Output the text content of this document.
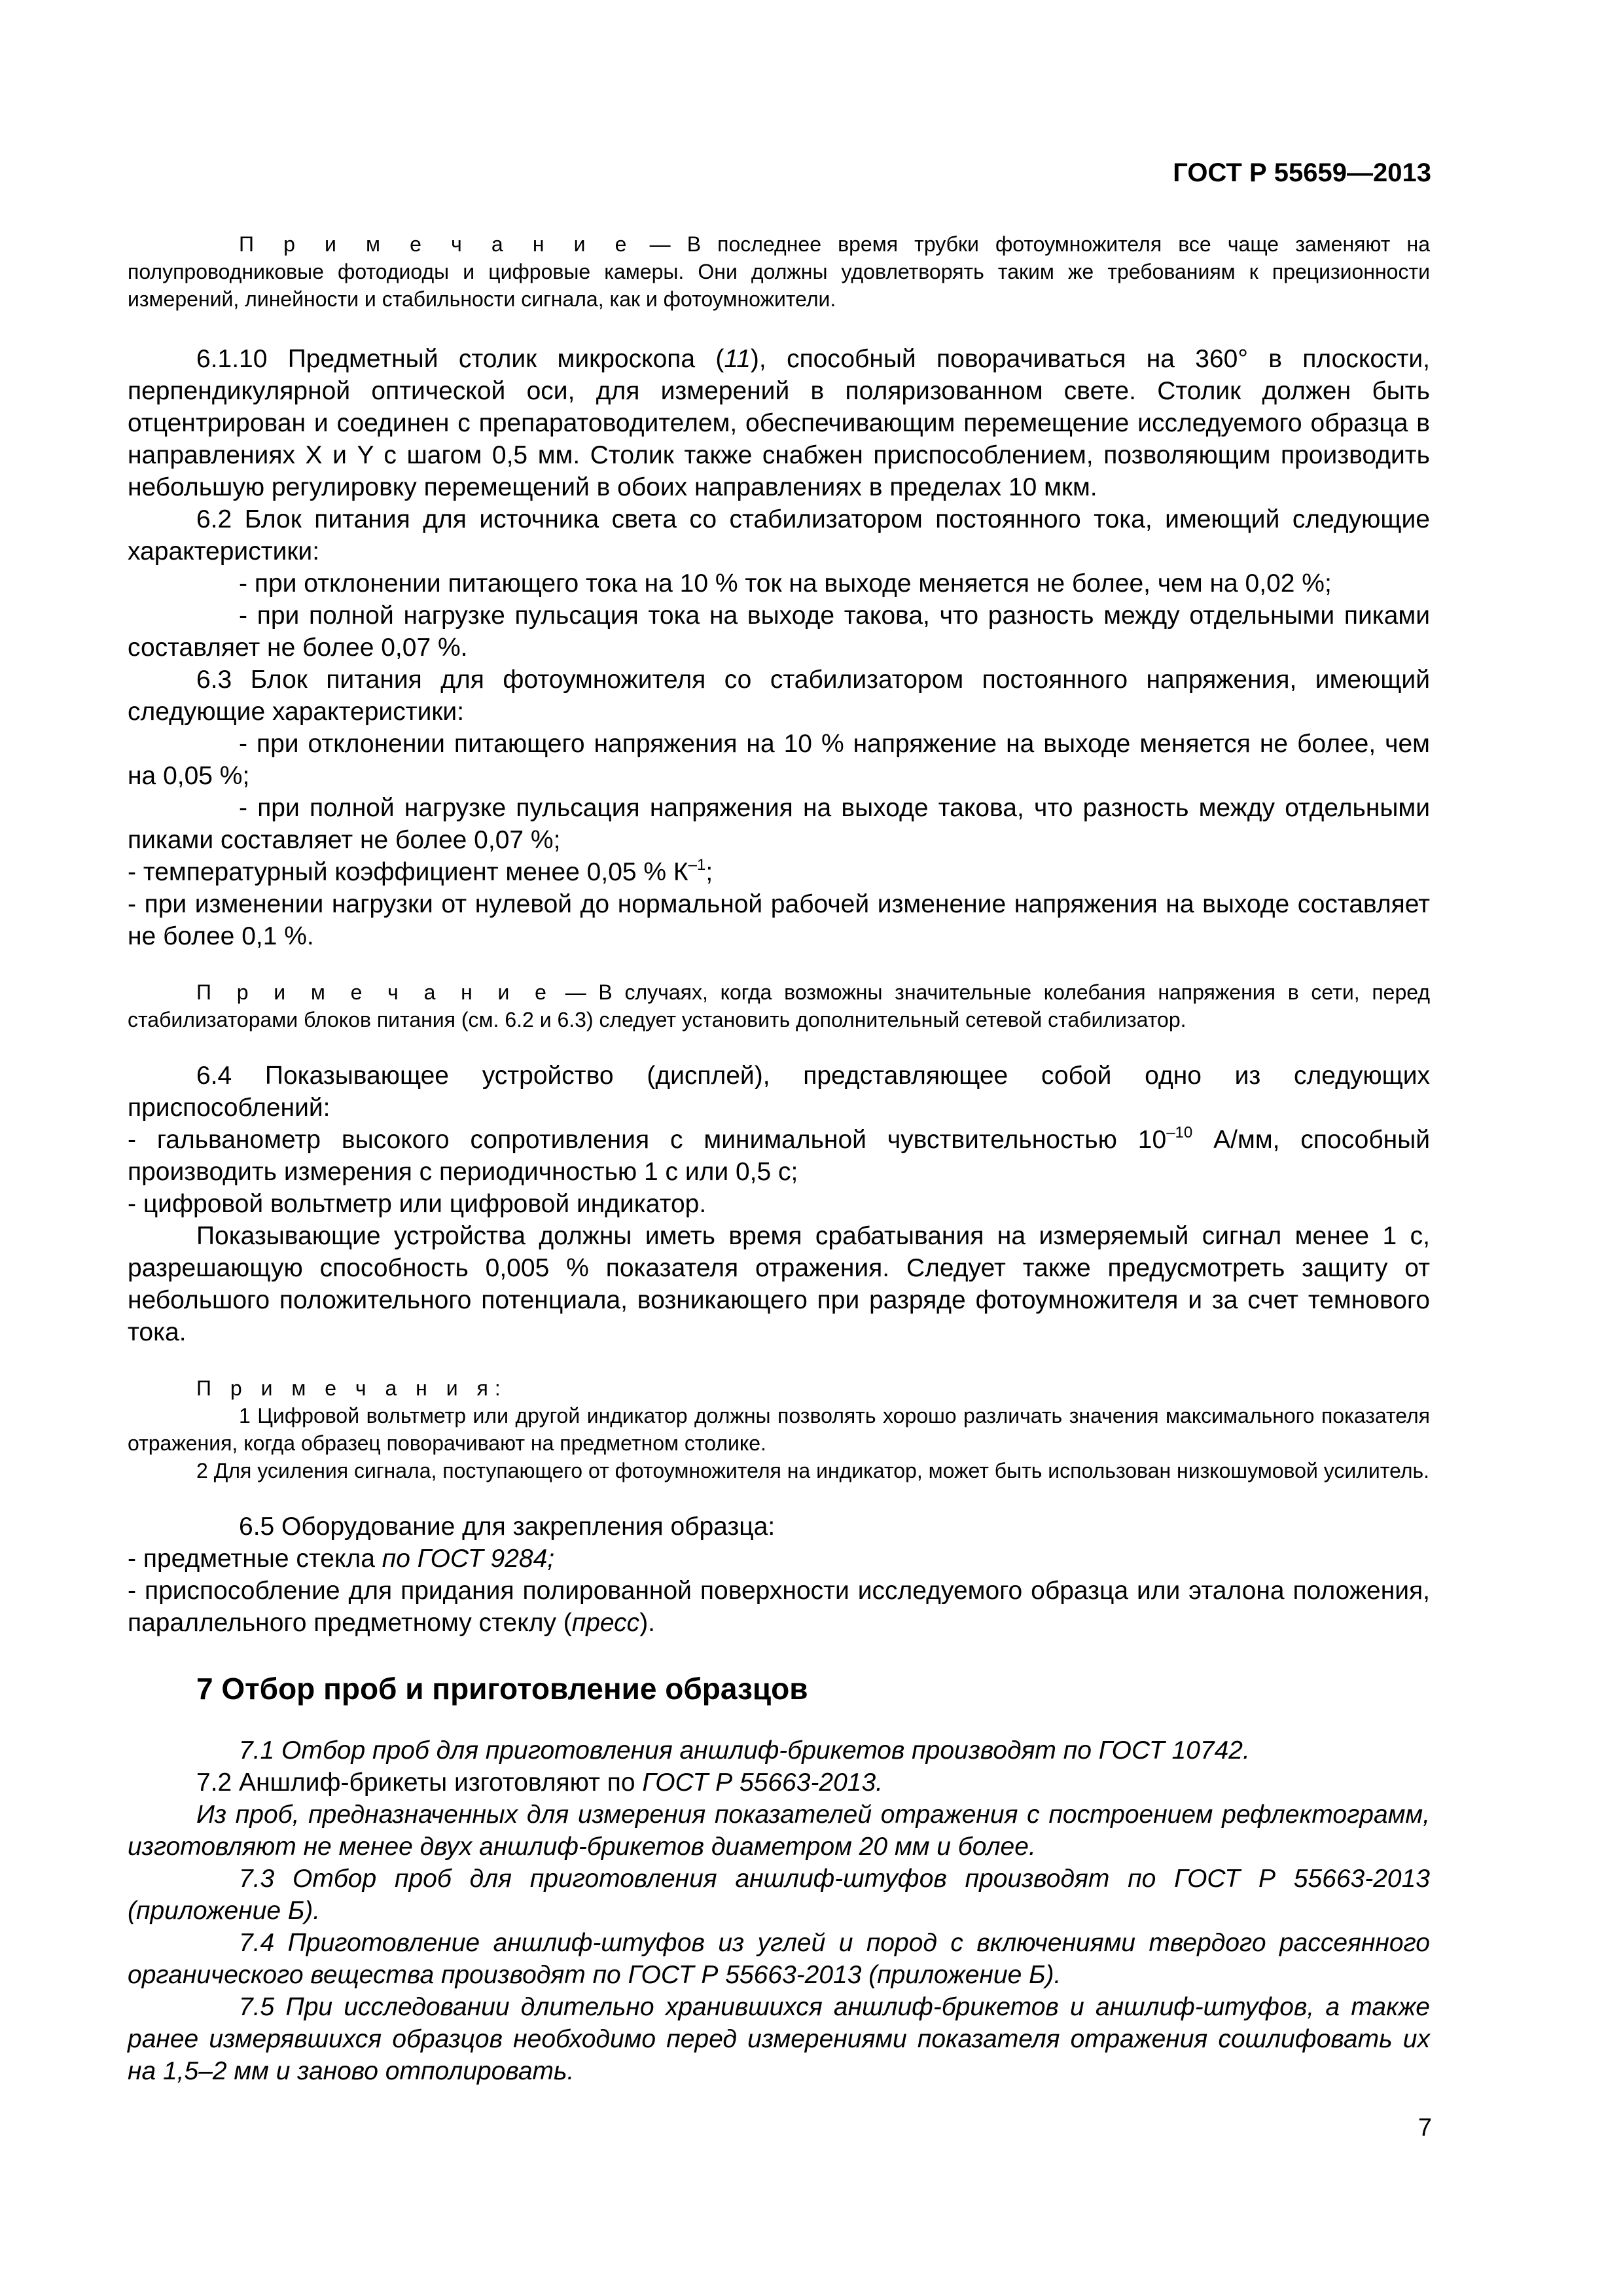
ГОСТ Р 55659—2013

П р и м е ч а н и е — В последнее время трубки фотоумножителя все чаще заменяют на полупроводниковые фотодиоды и цифровые камеры. Они должны удовлетворять таким же требованиям к прецизионности измерений, линейности и стабильности сигнала, как и фотоумножители.

6.1.10 Предметный столик микроскопа (11), способный поворачиваться на 360° в плоскости, перпендикулярной оптической оси, для измерений в поляризованном свете. Столик должен быть отцентрирован и соединен с препаратоводителем, обеспечивающим перемещение исследуемого образца в направлениях X и Y с шагом 0,5 мм. Столик также снабжен приспособлением, позволяющим производить небольшую регулировку перемещений в обоих направлениях в пределах 10 мкм.

6.2 Блок питания для источника света со стабилизатором постоянного тока, имеющий следующие характеристики:

- при отклонении питающего тока на 10 % ток на выходе меняется не более, чем на 0,02 %;

- при полной нагрузке пульсация тока на выходе такова, что разность между отдельными пиками составляет не более 0,07 %.

6.3 Блок питания для фотоумножителя со стабилизатором постоянного напряжения, имеющий следующие характеристики:

- при отклонении питающего напряжения на 10 % напряжение на выходе меняется не более, чем на 0,05 %;

- при полной нагрузке пульсация напряжения на выходе такова, что разность между отдельными пиками составляет не более 0,07 %;

- температурный коэффициент менее 0,05 % $К^{-1}$;

- при изменении нагрузки от нулевой до нормальной рабочей изменение напряжения на выходе составляет не более 0,1 %.

П р и м е ч а н и е — В случаях, когда возможны значительные колебания напряжения в сети, перед стабилизаторами блоков питания (см. 6.2 и 6.3) следует установить дополнительный сетевой стабилизатор.

6.4 Показывающее устройство (дисплей), представляющее собой одно из следующих приспособлений:

- гальванометр высокого сопротивления с минимальной чувствительностью $10^{-10}$ А/мм, способный производить измерения с периодичностью 1 с или 0,5 с;

- цифровой вольтметр или цифровой индикатор.

Показывающие устройства должны иметь время срабатывания на измеряемый сигнал менее 1 с, разрешающую способность 0,005 % показателя отражения. Следует также предусмотреть защиту от небольшого положительного потенциала, возникающего при разряде фотоумножителя и за счет темнового тока.

П р и м е ч а н и я:

1 Цифровой вольтметр или другой индикатор должны позволять хорошо различать значения максимального показателя отражения, когда образец поворачивают на предметном столике.

2 Для усиления сигнала, поступающего от фотоумножителя на индикатор, может быть использован низкошумовой усилитель.

6.5 Оборудование для закрепления образца:

- предметные стекла по ГОСТ 9284;

- приспособление для придания полированной поверхности исследуемого образца или эталона положения, параллельного предметному стеклу (пресс).

7 Отбор проб и приготовление образцов

7.1 Отбор проб для приготовления аншлиф-брикетов производят по ГОСТ 10742.

7.2 Аншлиф-брикеты изготовляют по ГОСТ Р 55663-2013.

Из проб, предназначенных для измерения показателей отражения с построением рефлектограмм, изготовляют не менее двух аншлиф-брикетов диаметром 20 мм и более.

7.3 Отбор проб для приготовления аншлиф-штуфов производят по ГОСТ Р 55663-2013 (приложение Б).

7.4 Приготовление аншлиф-штуфов из углей и пород с включениями твердого рассеянного органического вещества производят по ГОСТ Р 55663-2013 (приложение Б).

7.5 При исследовании длительно хранившихся аншлиф-брикетов и аншлиф-штуфов, а также ранее измерявшихся образцов необходимо перед измерениями показателя отражения сошлифовать их на 1,5–2 мм и заново отполировать.

7
